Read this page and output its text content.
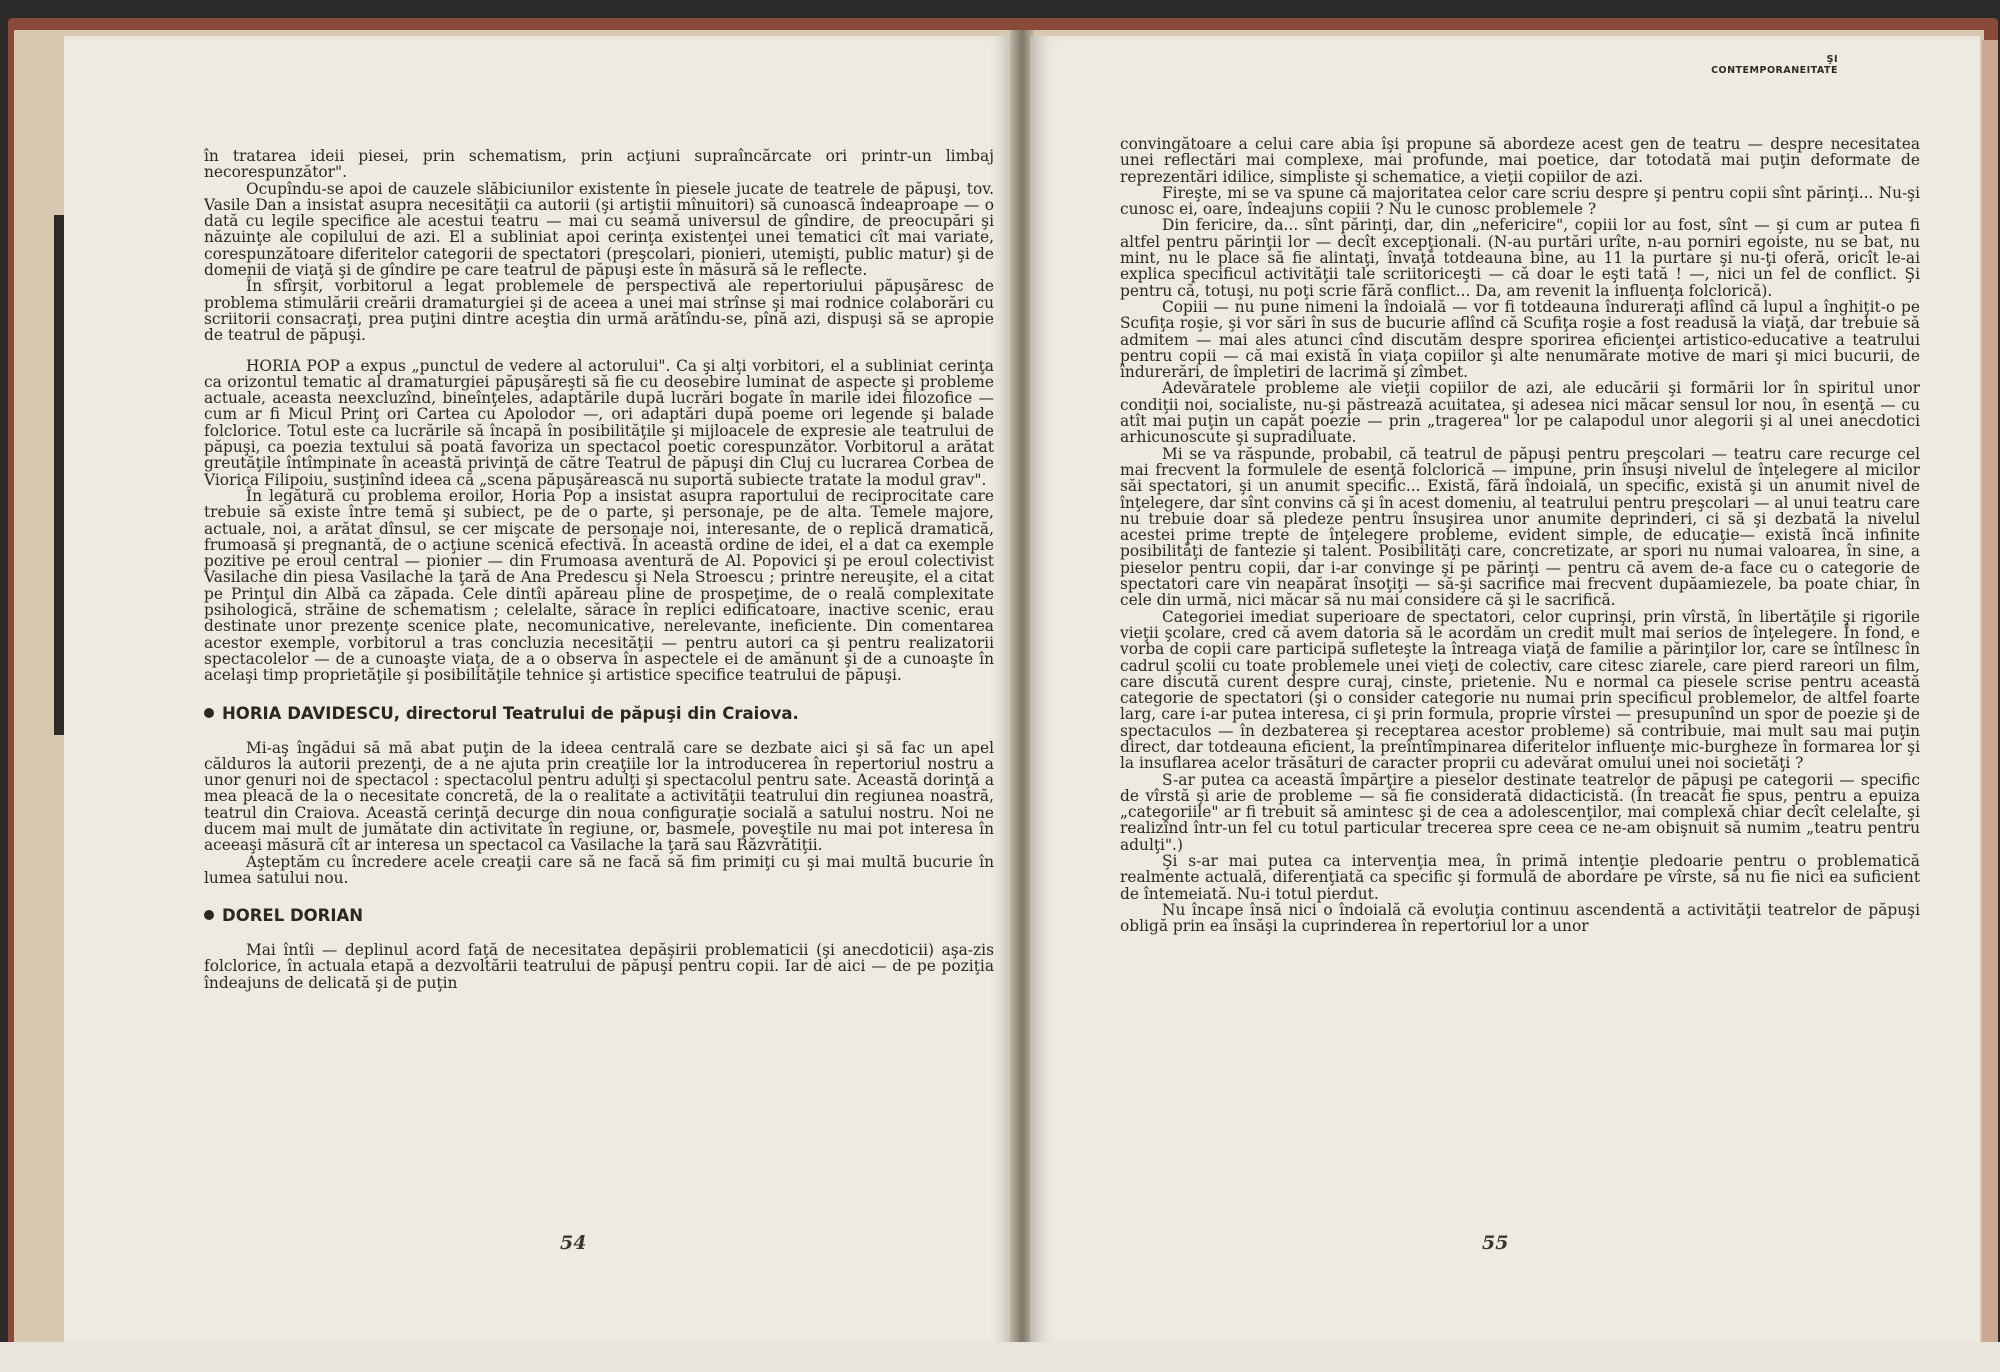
în tratarea ideii piesei, prin schematism, prin acţiuni supraîncărcate ori printr-un limbaj necorespunzător".

Ocupîndu-se apoi de cauzele slăbiciunilor existente în piesele jucate de teatrele de păpuşi, tov. Vasile Dan a insistat asupra necesităţii ca autorii (şi artiştii mînuitori) să cunoască îndeaproape — o dată cu legile specifice ale acestui teatru — mai cu seamă universul de gîndire, de preocupări şi năzuinţe ale copilului de azi. El a subliniat apoi cerinţa existenţei unei tematici cît mai variate, corespunzătoare diferitelor categorii de spectatori (preşcolari, pionieri, utemişti, public matur) şi de domenii de viaţă şi de gîndire pe care teatrul de păpuşi este în măsură să le reflecte.

În sfîrşit, vorbitorul a legat problemele de perspectivă ale repertoriului păpuşăresc de problema stimulării creării dramaturgiei şi de aceea a unei mai strînse şi mai rodnice colaborări cu scriitorii consacraţi, prea puţini dintre aceştia din urmă arătîndu-se, pînă azi, dispuşi să se apropie de teatrul de păpuşi.

HORIA POP a expus „punctul de vedere al actorului". Ca şi alţi vorbitori, el a subliniat cerinţa ca orizontul tematic al dramaturgiei păpuşăreşti să fie cu deosebire luminat de aspecte şi probleme actuale, aceasta neexcluzînd, bineînţeles, adaptările după lucrări bogate în marile idei filozofice — cum ar fi Micul Prinţ ori Cartea cu Apolodor —, ori adaptări după poeme ori legende şi balade folclorice. Totul este ca lucrările să încapă în posibilităţile şi mijloacele de expresie ale teatrului de păpuşi, ca poezia textului să poată favoriza un spectacol poetic corespunzător. Vorbitorul a arătat greutăţile întîmpinate în această privinţă de către Teatrul de păpuşi din Cluj cu lucrarea Corbea de Viorica Filipoiu, susţinînd ideea că „scena păpuşărească nu suportă subiecte tratate la modul grav".

În legătură cu problema eroilor, Horia Pop a insistat asupra raportului de reciprocitate care trebuie să existe între temă şi subiect, pe de o parte, şi personaje, pe de alta. Temele majore, actuale, noi, a arătat dînsul, se cer mişcate de personaje noi, interesante, de o replică dramatică, frumoasă şi pregnantă, de o acţiune scenică efectivă. În această ordine de idei, el a dat ca exemple pozitive pe eroul central — pionier — din Frumoasa aventură de Al. Popovici şi pe eroul colectivist Vasilache din piesa Vasilache la ţară de Ana Predescu şi Nela Stroescu ; printre nereuşite, el a citat pe Prinţul din Albă ca zăpada. Cele dintîi apăreau pline de prospeţime, de o reală complexitate psihologică, străine de schematism ; celelalte, sărace în replici edificatoare, inactive scenic, erau destinate unor prezenţe scenice plate, necomunicative, nerelevante, ineficiente. Din comentarea acestor exemple, vorbitorul a tras concluzia necesităţii — pentru autori ca şi pentru realizatorii spectacolelor — de a cunoaşte viaţa, de a o observa în aspectele ei de amănunt şi de a cunoaşte în acelaşi timp proprietăţile şi posibilităţile tehnice şi artistice specifice teatrului de păpuşi.

HORIA DAVIDESCU, directorul Teatrului de păpuşi din Craiova.

Mi-aş îngădui să mă abat puţin de la ideea centrală care se dezbate aici şi să fac un apel călduros la autorii prezenţi, de a ne ajuta prin creaţiile lor la introducerea în repertoriul nostru a unor genuri noi de spectacol : spectacolul pentru adulţi şi spectacolul pentru sate. Această dorinţă a mea pleacă de la o necesitate concretă, de la o realitate a activităţii teatrului din regiunea noastră, teatrul din Craiova. Această cerinţă decurge din noua configuraţie socială a satului nostru. Noi ne ducem mai mult de jumătate din activitate în regiune, or, basmele, poveştile nu mai pot interesa în aceeaşi măsură cît ar interesa un spectacol ca Vasilache la ţară sau Răzvrătiţii.

Aşteptăm cu încredere acele creaţii care să ne facă să fim primiţi cu şi mai multă bucurie în lumea satului nou.

DOREL DORIAN

Mai întîi — deplinul acord faţă de necesitatea depăşirii problematicii (şi anecdoticii) aşa-zis folclorice, în actuala etapă a dezvoltării teatrului de păpuşi pentru copii. Iar de aici — de pe poziţia îndeajuns de delicată şi de puţin

54
ŞI
CONTEMPORANEITATE

convingătoare a celui care abia îşi propune să abordeze acest gen de teatru — despre necesitatea unei reflectări mai complexe, mai profunde, mai poetice, dar totodată mai puţin deformate de reprezentări idilice, simpliste şi schematice, a vieţii copiilor de azi.

Fireşte, mi se va spune că majoritatea celor care scriu despre şi pentru copii sînt părinţi... Nu-şi cunosc ei, oare, îndeajuns copiii ? Nu le cunosc problemele ?

Din fericire, da... sînt părinţi, dar, din „nefericire", copiii lor au fost, sînt — şi cum ar putea fi altfel pentru părinţii lor — decît excepţionali. (N-au purtări urîte, n-au porniri egoiste, nu se bat, nu mint, nu le place să fie alintaţi, învaţă totdeauna bine, au 11 la purtare şi nu-ţi oferă, oricît le-ai explica specificul activităţii tale scriitoriceşti — că doar le eşti tată ! —, nici un fel de conflict. Şi pentru că, totuşi, nu poţi scrie fără conflict... Da, am revenit la influenţa folclorică).

Copiii — nu pune nimeni la îndoială — vor fi totdeauna îndureraţi aflînd că lupul a înghiţit-o pe Scufiţa roşie, şi vor sări în sus de bucurie aflînd că Scufiţa roşie a fost readusă la viaţă, dar trebuie să admitem — mai ales atunci cînd discutăm despre sporirea eficienţei artistico-educative a teatrului pentru copii — că mai există în viaţa copiilor şi alte nenumărate motive de mari şi mici bucurii, de îndurerări, de împletiri de lacrimă şi zîmbet.

Adevăratele probleme ale vieţii copiilor de azi, ale educării şi formării lor în spiritul unor condiţii noi, socialiste, nu-şi păstrează acuitatea, şi adesea nici măcar sensul lor nou, în esenţă — cu atît mai puţin un capăt poezie — prin „tragerea" lor pe calapodul unor alegorii şi al unei anecdotici arhicunoscute şi supradiluate.

Mi se va răspunde, probabil, că teatrul de păpuşi pentru preşcolari — teatru care recurge cel mai frecvent la formulele de esenţă folclorică — impune, prin însuşi nivelul de înţelegere al micilor săi spectatori, şi un anumit specific... Există, fără îndoială, un specific, există şi un anumit nivel de înţelegere, dar sînt convins că şi în acest domeniu, al teatrului pentru preşcolari — al unui teatru care nu trebuie doar să pledeze pentru însuşirea unor anumite deprinderi, ci să şi dezbată la nivelul acestei prime trepte de înţelegere probleme, evident simple, de educaţie— există încă infinite posibilităţi de fantezie şi talent. Posibilităţi care, concretizate, ar spori nu numai valoarea, în sine, a pieselor pentru copii, dar i-ar convinge şi pe părinţi — pentru că avem de-a face cu o categorie de spectatori care vin neapărat însoţiţi — să-şi sacrifice mai frecvent dupăamiezele, ba poate chiar, în cele din urmă, nici măcar să nu mai considere că şi le sacrifică.

Categoriei imediat superioare de spectatori, celor cuprinşi, prin vîrstă, în libertăţile şi rigorile vieţii şcolare, cred că avem datoria să le acordăm un credit mult mai serios de înţelegere. În fond, e vorba de copii care participă sufleteşte la întreaga viaţă de familie a părinţilor lor, care se întîlnesc în cadrul şcolii cu toate problemele unei vieţi de colectiv, care citesc ziarele, care pierd rareori un film, care discută curent despre curaj, cinste, prietenie. Nu e normal ca piesele scrise pentru această categorie de spectatori (şi o consider categorie nu numai prin specificul problemelor, de altfel foarte larg, care i-ar putea interesa, ci şi prin formula, proprie vîrstei — presupunînd un spor de poezie şi de spectaculos — în dezbaterea şi receptarea acestor probleme) să contribuie, mai mult sau mai puţin direct, dar totdeauna eficient, la preîntîmpinarea diferitelor influenţe mic-burgheze în formarea lor şi la insuflarea acelor trăsături de caracter proprii cu adevărat omului unei noi societăţi ?

S-ar putea ca această împărţire a pieselor destinate teatrelor de păpuşi pe categorii — specific de vîrstă şi arie de probleme — să fie considerată didacticistă. (În treacăt fie spus, pentru a epuiza „categoriile" ar fi trebuit să amintesc şi de cea a adolescenţilor, mai complexă chiar decît celelalte, şi realizînd într-un fel cu totul particular trecerea spre ceea ce ne-am obişnuit să numim „teatru pentru adulţi".)

Şi s-ar mai putea ca intervenţia mea, în primă intenţie pledoarie pentru o problematică realmente actuală, diferenţiată ca specific şi formulă de abordare pe vîrste, să nu fie nici ea suficient de întemeiată. Nu-i totul pierdut.

Nu încape însă nici o îndoială că evoluţia continuu ascendentă a activităţii teatrelor de păpuşi obligă prin ea însăşi la cuprinderea în repertoriul lor a unor

55
